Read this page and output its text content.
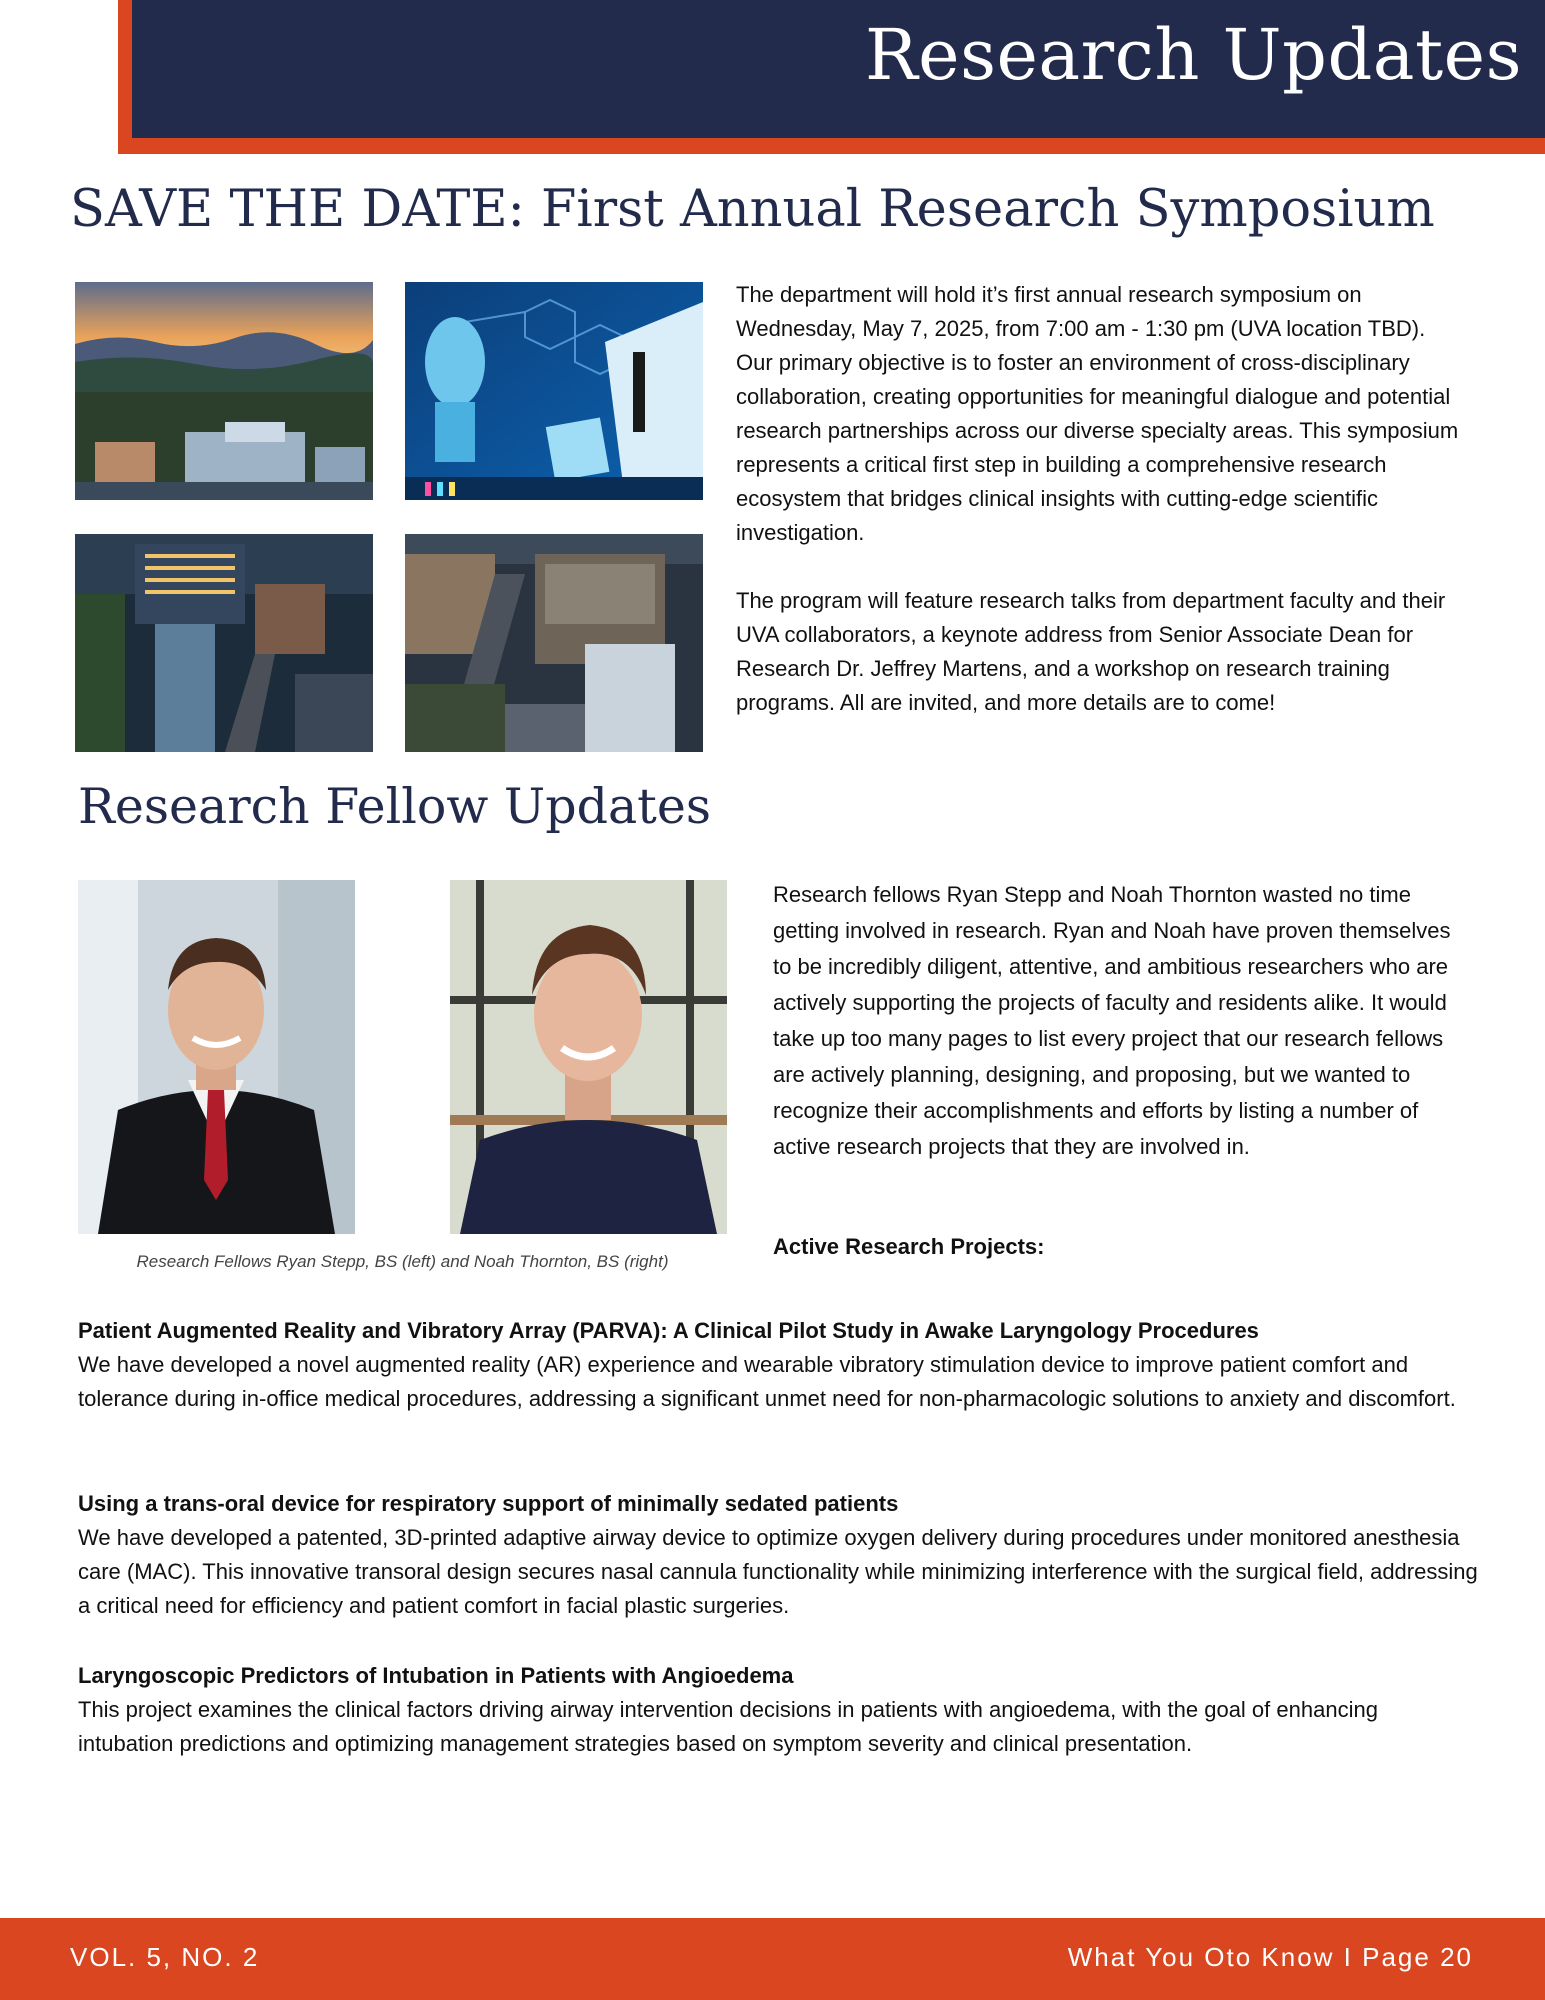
Research Updates
SAVE THE DATE: First Annual Research Symposium

The department will hold it’s first annual research symposium on Wednesday, May 7, 2025, from 7:00 am - 1:30 pm (UVA location TBD). Our primary objective is to foster an environment of cross-disciplinary collaboration, creating opportunities for meaningful dialogue and potential research partnerships across our diverse specialty areas. This symposium represents a critical first step in building a comprehensive research ecosystem that bridges clinical insights with cutting-edge scientific investigation.

The program will feature research talks from department faculty and their UVA collaborators, a keynote address from Senior Associate Dean for Research Dr. Jeffrey Martens, and a workshop on research training programs. All are invited, and more details are to come!

Research Fellow Updates

Research Fellows Ryan Stepp, BS (left) and Noah Thornton, BS (right)

Research fellows Ryan Stepp and Noah Thornton wasted no time getting involved in research. Ryan and Noah have proven themselves to be incredibly diligent, attentive, and ambitious researchers who are actively supporting the projects of faculty and residents alike. It would take up too many pages to list every project that our research fellows are actively planning, designing, and proposing, but we wanted to recognize their accomplishments and efforts by listing a number of active research projects that they are involved in.

Active Research Projects:

Patient Augmented Reality and Vibratory Array (PARVA): A Clinical Pilot Study in Awake Laryngology Procedures

We have developed a novel augmented reality (AR) experience and wearable vibratory stimulation device to improve patient comfort and tolerance during in-office medical procedures, addressing a significant unmet need for non-pharmacologic solutions to anxiety and discomfort.

Using a trans-oral device for respiratory support of minimally sedated patients

We have developed a patented, 3D-printed adaptive airway device to optimize oxygen delivery during procedures under monitored anesthesia care (MAC). This innovative transoral design secures nasal cannula functionality while minimizing interference with the surgical field, addressing a critical need for efficiency and patient comfort in facial plastic surgeries.

Laryngoscopic Predictors of Intubation in Patients with Angioedema

This project examines the clinical factors driving airway intervention decisions in patients with angioedema, with the goal of enhancing intubation predictions and optimizing management strategies based on symptom severity and clinical presentation.

VOL. 5, NO. 2	What You Oto Know I Page 20
